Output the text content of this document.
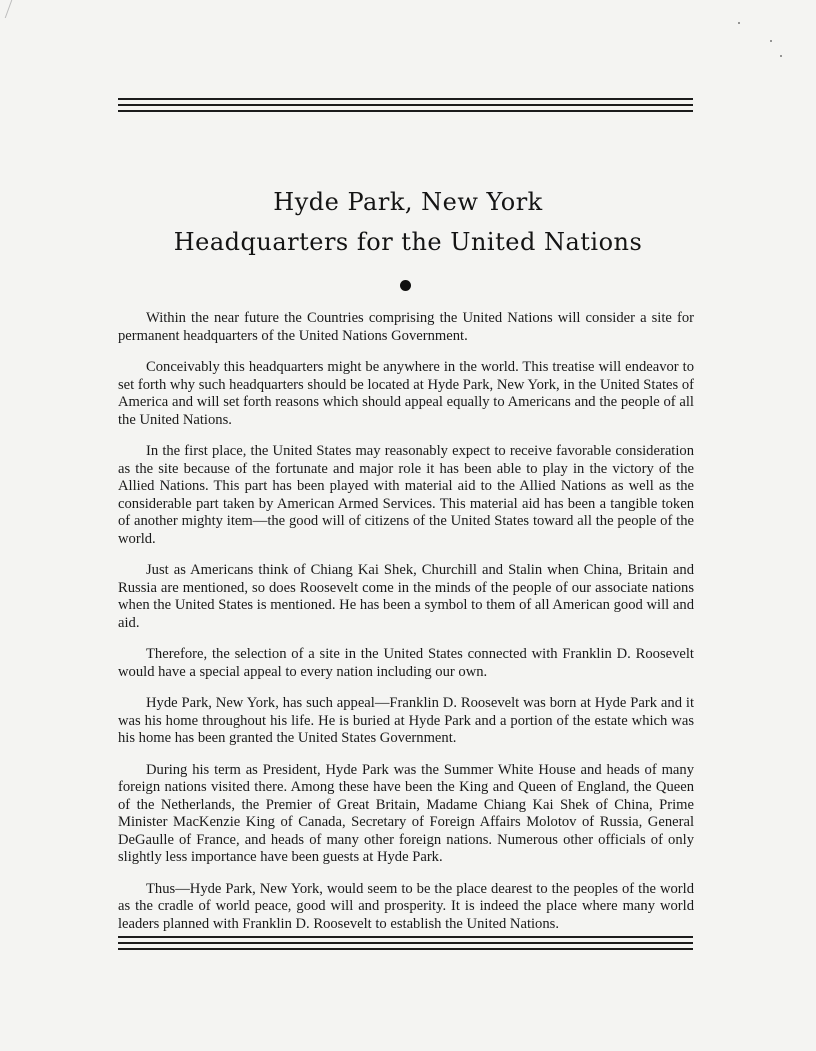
Hyde Park, New York
Headquarters for the United Nations

Within the near future the Countries comprising the United Nations will consider a site for permanent headquarters of the United Nations Government.

Conceivably this headquarters might be anywhere in the world. This treatise will endeavor to set forth why such headquarters should be located at Hyde Park, New York, in the United States of America and will set forth reasons which should appeal equally to Americans and the people of all the United Nations.

In the first place, the United States may reasonably expect to receive favorable consideration as the site because of the fortunate and major role it has been able to play in the victory of the Allied Nations. This part has been played with material aid to the Allied Nations as well as the considerable part taken by American Armed Services. This material aid has been a tangible token of another mighty item—the good will of citizens of the United States toward all the people of the world.

Just as Americans think of Chiang Kai Shek, Churchill and Stalin when China, Britain and Russia are mentioned, so does Roosevelt come in the minds of the people of our associate nations when the United States is mentioned. He has been a symbol to them of all American good will and aid.

Therefore, the selection of a site in the United States connected with Franklin D. Roosevelt would have a special appeal to every nation including our own.

Hyde Park, New York, has such appeal—Franklin D. Roosevelt was born at Hyde Park and it was his home throughout his life. He is buried at Hyde Park and a portion of the estate which was his home has been granted the United States Government.

During his term as President, Hyde Park was the Summer White House and heads of many foreign nations visited there. Among these have been the King and Queen of England, the Queen of the Netherlands, the Premier of Great Britain, Madame Chiang Kai Shek of China, Prime Minister MacKenzie King of Canada, Secretary of Foreign Affairs Molotov of Russia, General DeGaulle of France, and heads of many other foreign nations. Numerous other officials of only slightly less importance have been guests at Hyde Park.

Thus—Hyde Park, New York, would seem to be the place dearest to the peoples of the world as the cradle of world peace, good will and prosperity. It is indeed the place where many world leaders planned with Franklin D. Roosevelt to establish the United Nations.
